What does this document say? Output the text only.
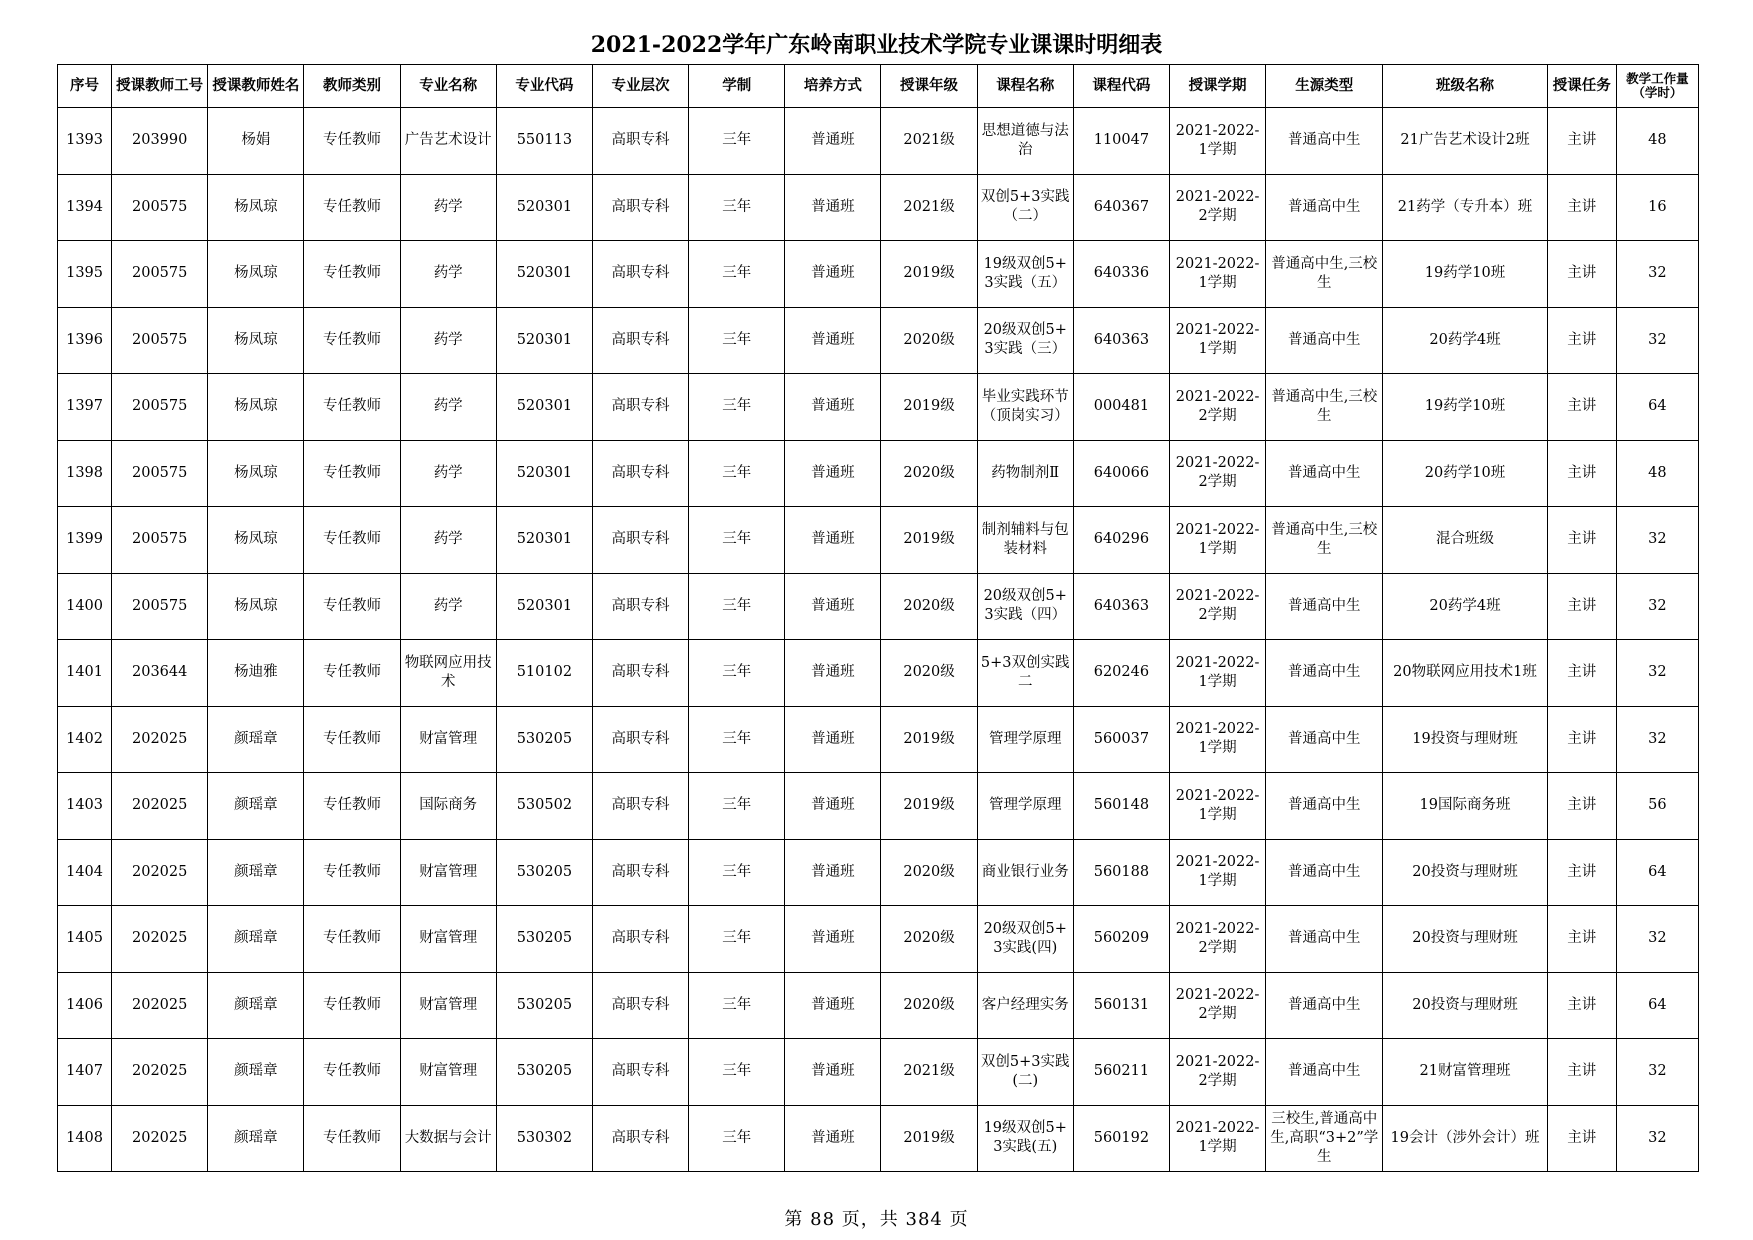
2021-2022学年广东岭南职业技术学院专业课课时明细表
序号	授课教师工号	授课教师姓名	教师类别	专业名称	专业代码	专业层次	学制	培养方式	授课年级	课程名称	课程代码	授课学期	生源类型	班级名称	授课任务	教学工作量（学时）
1393	203990	杨娟	专任教师	广告艺术设计	550113	高职专科	三年	普通班	2021级	思想道德与法治	110047	2021-2022-1学期	普通高中生	21广告艺术设计2班	主讲	48
1394	200575	杨凤琼	专任教师	药学	520301	高职专科	三年	普通班	2021级	双创5+3实践（二）	640367	2021-2022-2学期	普通高中生	21药学（专升本）班	主讲	16
1395	200575	杨凤琼	专任教师	药学	520301	高职专科	三年	普通班	2019级	19级双创5+3实践（五）	640336	2021-2022-1学期	普通高中生,三校生	19药学10班	主讲	32
1396	200575	杨凤琼	专任教师	药学	520301	高职专科	三年	普通班	2020级	20级双创5+3实践（三）	640363	2021-2022-1学期	普通高中生	20药学4班	主讲	32
1397	200575	杨凤琼	专任教师	药学	520301	高职专科	三年	普通班	2019级	毕业实践环节（顶岗实习）	000481	2021-2022-2学期	普通高中生,三校生	19药学10班	主讲	64
1398	200575	杨凤琼	专任教师	药学	520301	高职专科	三年	普通班	2020级	药物制剂Ⅱ	640066	2021-2022-2学期	普通高中生	20药学10班	主讲	48
1399	200575	杨凤琼	专任教师	药学	520301	高职专科	三年	普通班	2019级	制剂辅料与包装材料	640296	2021-2022-1学期	普通高中生,三校生	混合班级	主讲	32
1400	200575	杨凤琼	专任教师	药学	520301	高职专科	三年	普通班	2020级	20级双创5+3实践（四）	640363	2021-2022-2学期	普通高中生	20药学4班	主讲	32
1401	203644	杨迪雅	专任教师	物联网应用技术	510102	高职专科	三年	普通班	2020级	5+3双创实践二	620246	2021-2022-1学期	普通高中生	20物联网应用技术1班	主讲	32
1402	202025	颜瑶章	专任教师	财富管理	530205	高职专科	三年	普通班	2019级	管理学原理	560037	2021-2022-1学期	普通高中生	19投资与理财班	主讲	32
1403	202025	颜瑶章	专任教师	国际商务	530502	高职专科	三年	普通班	2019级	管理学原理	560148	2021-2022-1学期	普通高中生	19国际商务班	主讲	56
1404	202025	颜瑶章	专任教师	财富管理	530205	高职专科	三年	普通班	2020级	商业银行业务	560188	2021-2022-1学期	普通高中生	20投资与理财班	主讲	64
1405	202025	颜瑶章	专任教师	财富管理	530205	高职专科	三年	普通班	2020级	20级双创5+3实践(四)	560209	2021-2022-2学期	普通高中生	20投资与理财班	主讲	32
1406	202025	颜瑶章	专任教师	财富管理	530205	高职专科	三年	普通班	2020级	客户经理实务	560131	2021-2022-2学期	普通高中生	20投资与理财班	主讲	64
1407	202025	颜瑶章	专任教师	财富管理	530205	高职专科	三年	普通班	2021级	双创5+3实践(二)	560211	2021-2022-2学期	普通高中生	21财富管理班	主讲	32
1408	202025	颜瑶章	专任教师	大数据与会计	530302	高职专科	三年	普通班	2019级	19级双创5+3实践(五)	560192	2021-2022-1学期	三校生,普通高中生,高职“3+2”学生	19会计（涉外会计）班	主讲	32
第 88 页，共 384 页
